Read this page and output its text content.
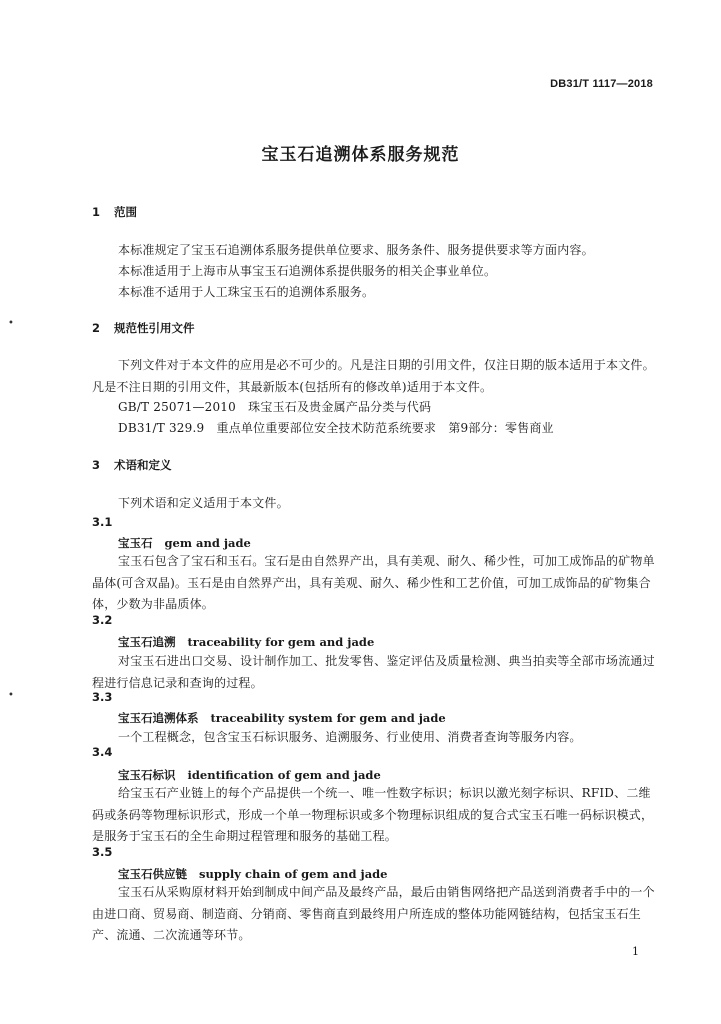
DB31/T 1117—2018
宝玉石追溯体系服务规范
1 范围
本标准规定了宝玉石追溯体系服务提供单位要求、服务条件、服务提供要求等方面内容。
本标准适用于上海市从事宝玉石追溯体系提供服务的相关企事业单位。
本标准不适用于人工珠宝玉石的追溯体系服务。
2 规范性引用文件
下列文件对于本文件的应用是必不可少的。凡是注日期的引用文件，仅注日期的版本适用于本文件。凡是不注日期的引用文件，其最新版本(包括所有的修改单)适用于本文件。
GB/T 25071—2010　珠宝玉石及贵金属产品分类与代码
DB31/T 329.9　重点单位重要部位安全技术防范系统要求　第9部分：零售商业
3 术语和定义
下列术语和定义适用于本文件。
3.1
宝玉石 gem and jade
宝玉石包含了宝石和玉石。宝石是由自然界产出，具有美观、耐久、稀少性，可加工成饰品的矿物单晶体(可含双晶)。玉石是由自然界产出，具有美观、耐久、稀少性和工艺价值，可加工成饰品的矿物集合体，少数为非晶质体。
3.2
宝玉石追溯 traceability for gem and jade
对宝玉石进出口交易、设计制作加工、批发零售、鉴定评估及质量检测、典当拍卖等全部市场流通过程进行信息记录和查询的过程。
3.3
宝玉石追溯体系 traceability system for gem and jade
一个工程概念，包含宝玉石标识服务、追溯服务、行业使用、消费者查询等服务内容。
3.4
宝玉石标识 identification of gem and jade
给宝玉石产业链上的每个产品提供一个统一、唯一性数字标识；标识以激光刻字标识、RFID、二维码或条码等物理标识形式，形成一个单一物理标识或多个物理标识组成的复合式宝玉石唯一码标识模式，是服务于宝玉石的全生命期过程管理和服务的基础工程。
3.5
宝玉石供应链 supply chain of gem and jade
宝玉石从采购原材料开始到制成中间产品及最终产品，最后由销售网络把产品送到消费者手中的一个由进口商、贸易商、制造商、分销商、零售商直到最终用户所连成的整体功能网链结构，包括宝玉石生产、流通、二次流通等环节。
1
•
•
